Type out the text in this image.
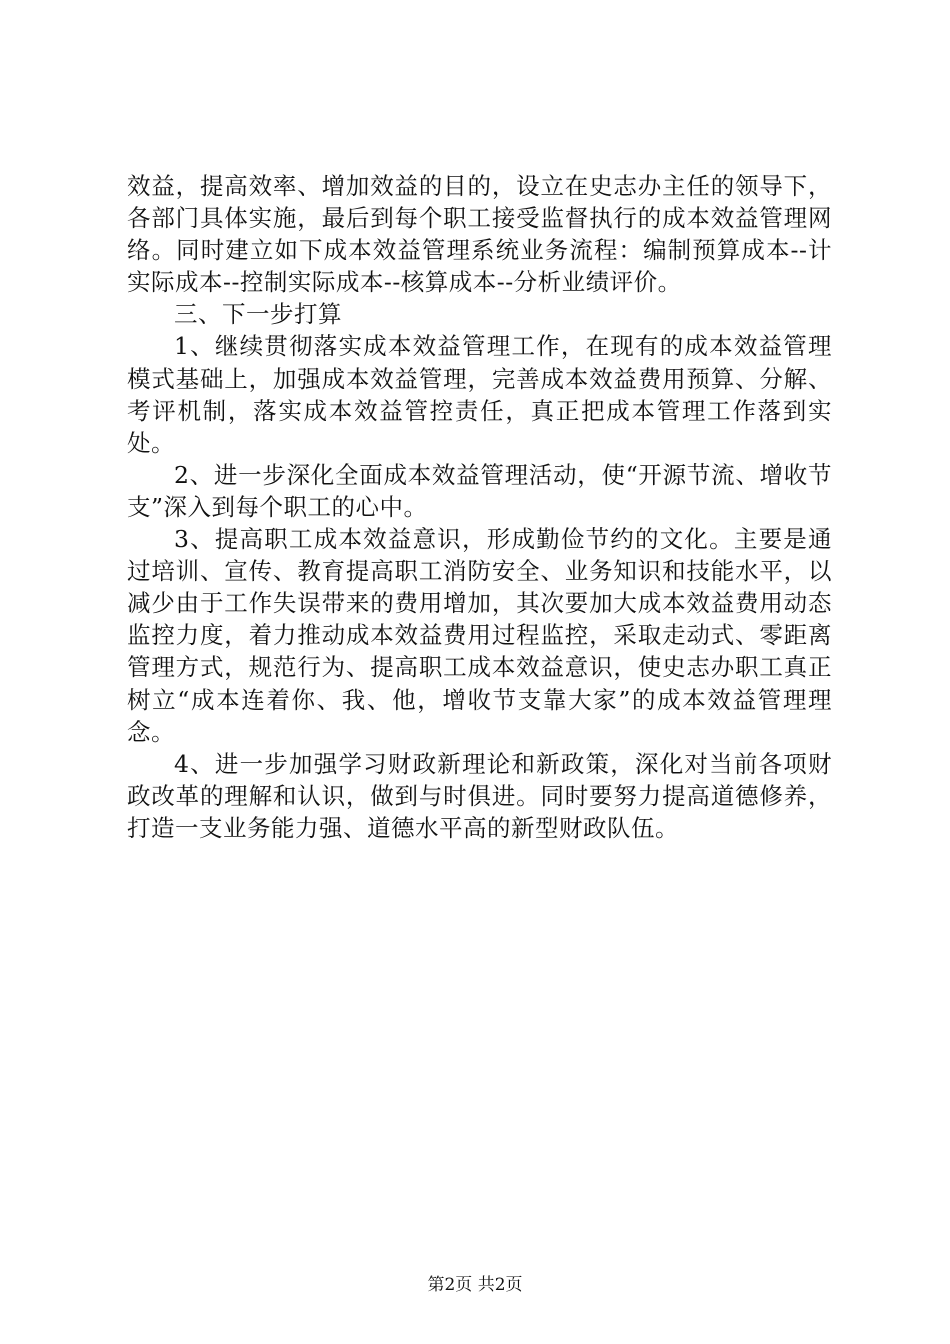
效益，提高效率、增加效益的目的，设立在史志办主任的领导下，各部门具体实施，最后到每个职工接受监督执行的成本效益管理网络。同时建立如下成本效益管理系统业务流程：编制预算成本--计实际成本--控制实际成本--核算成本--分析业绩评价。

三、下一步打算

1、继续贯彻落实成本效益管理工作，在现有的成本效益管理模式基础上，加强成本效益管理，完善成本效益费用预算、分解、考评机制，落实成本效益管控责任，真正把成本管理工作落到实处。

2、进一步深化全面成本效益管理活动，使“开源节流、增收节支”深入到每个职工的心中。

3、提高职工成本效益意识，形成勤俭节约的文化。主要是通过培训、宣传、教育提高职工消防安全、业务知识和技能水平，以减少由于工作失误带来的费用增加，其次要加大成本效益费用动态监控力度，着力推动成本效益费用过程监控，采取走动式、零距离管理方式，规范行为、提高职工成本效益意识，使史志办职工真正树立“成本连着你、我、他，增收节支靠大家”的成本效益管理理念。

4、进一步加强学习财政新理论和新政策，深化对当前各项财政改革的理解和认识，做到与时俱进。同时要努力提高道德修养，打造一支业务能力强、道德水平高的新型财政队伍。

第2页 共2页
